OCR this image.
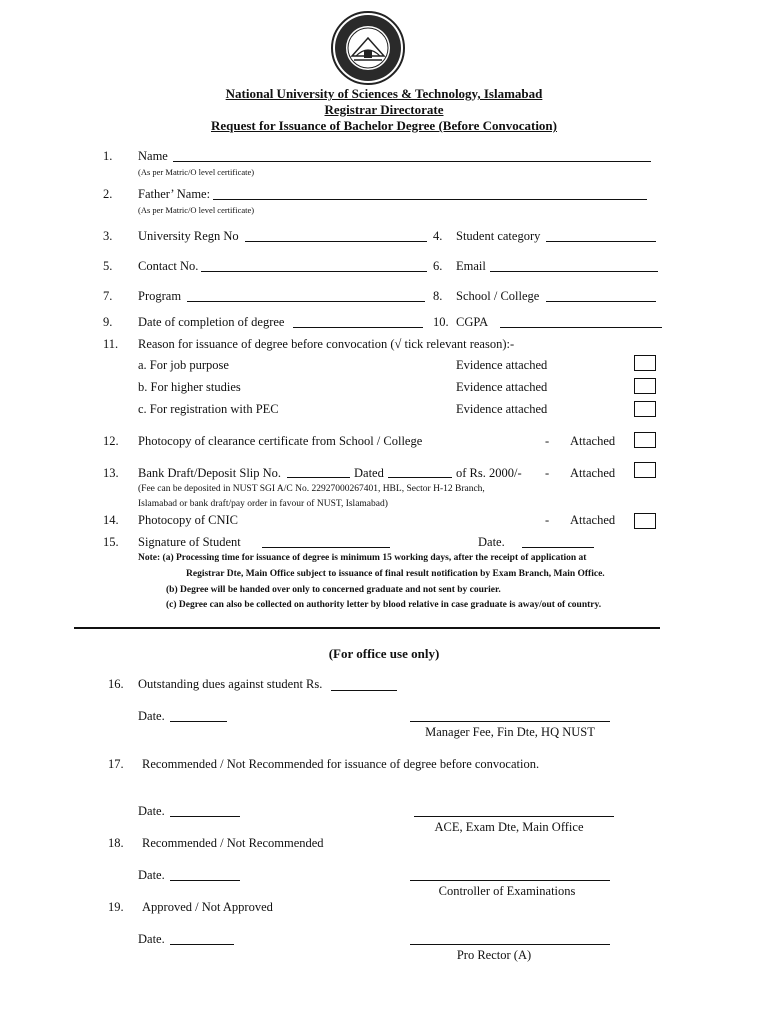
National University of Sciences & Technology, Islamabad
Registrar Directorate
Request for Issuance of Bachelor Degree (Before Convocation)
1. Name
(As per Matric/O level certificate)
2. Father’ Name:
(As per Matric/O level certificate)
3. University Regn No	4. Student category
5. Contact No.	6. Email
7. Program	8. School / College
9. Date of completion of degree	10. CGPA
11. Reason for issuance of degree before convocation (√ tick relevant reason):-
a. For job purpose	Evidence attached
b. For higher studies	Evidence attached
c. For registration with PEC	Evidence attached
12. Photocopy of clearance certificate from School / College	- Attached
13. Bank Draft/Deposit Slip No.	Dated	of Rs. 2000/- - Attached
(Fee can be deposited in NUST SGI A/C No. 22927000267401, HBL, Sector H-12 Branch,
Islamabad or bank draft/pay order in favour of NUST, Islamabad)
14. Photocopy of CNIC	- Attached
15. Signature of Student	Date.
Note: (a) Processing time for issuance of degree is minimum 15 working days, after the receipt of application at
Registrar Dte, Main Office subject to issuance of final result notification by Exam Branch, Main Office.
(b) Degree will be handed over only to concerned graduate and not sent by courier.
(c) Degree can also be collected on authority letter by blood relative in case graduate is away/out of country.
(For office use only)
16. Outstanding dues against student Rs.
Date.
Manager Fee, Fin Dte, HQ NUST
17. Recommended / Not Recommended for issuance of degree before convocation.
Date.
ACE, Exam Dte, Main Office
18. Recommended / Not Recommended
Date.
Controller of Examinations
19. Approved / Not Approved
Date.
Pro Rector (A)
